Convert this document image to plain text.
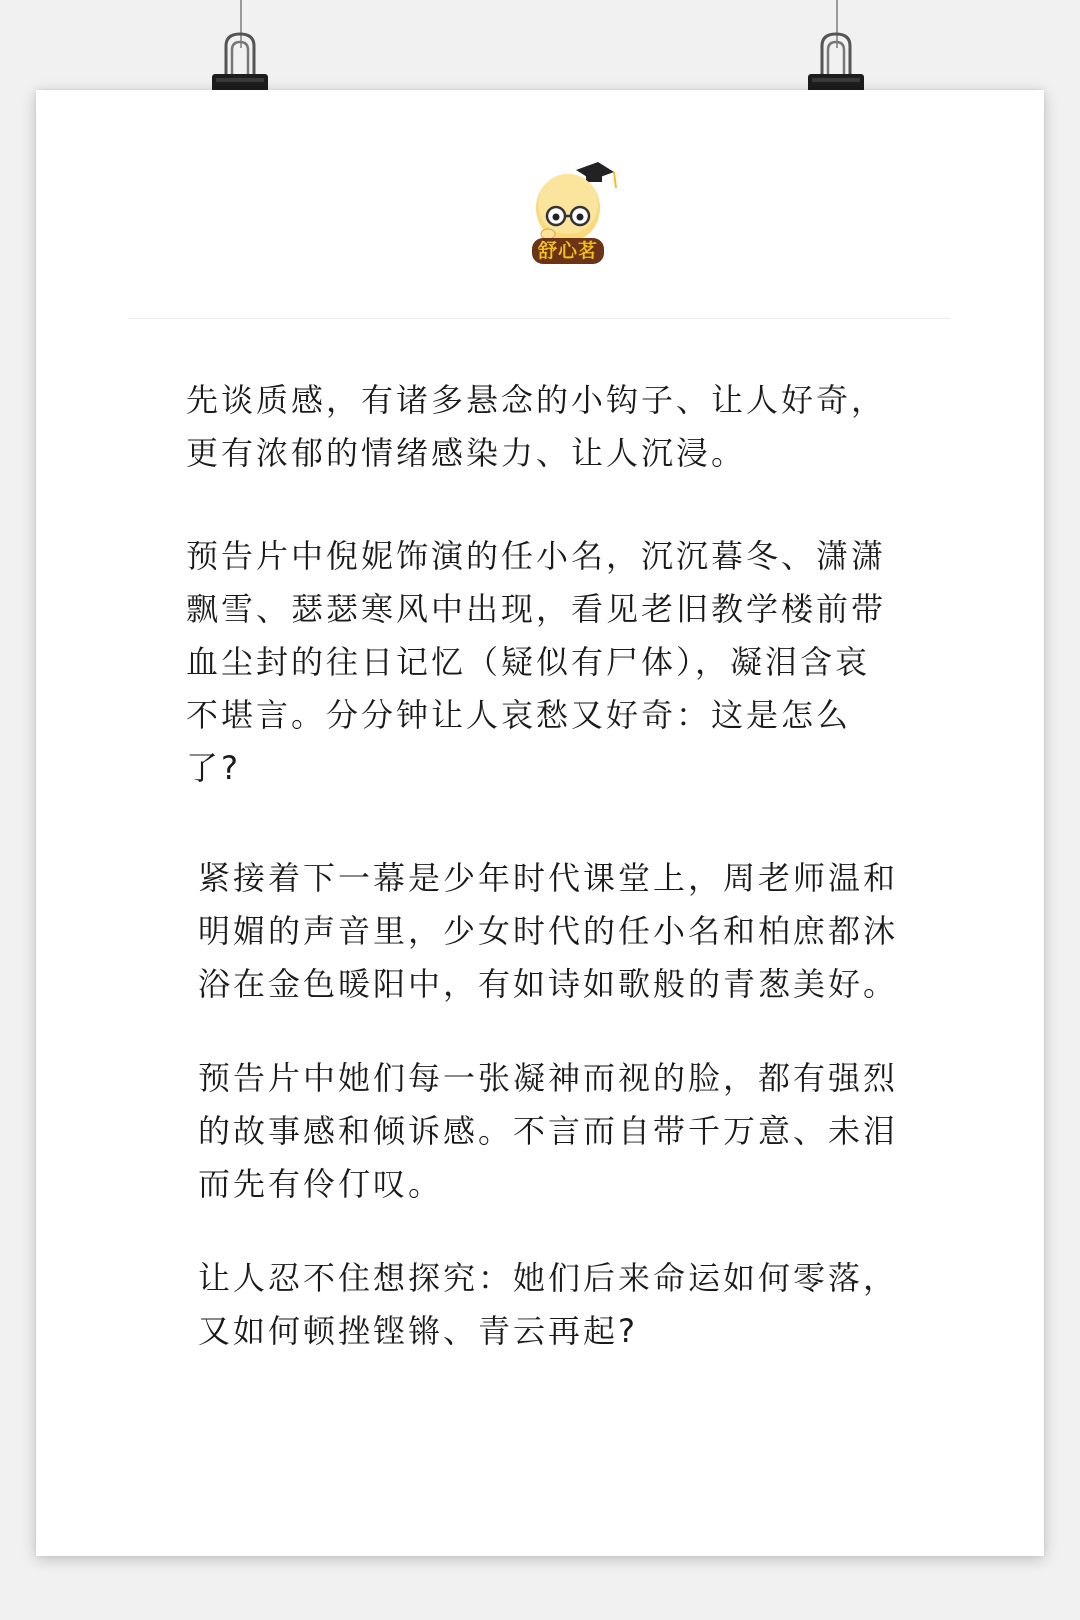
舒心茗

先谈质感，有诸多悬念的小钩子、让人好奇，
更有浓郁的情绪感染力、让人沉浸。

预告片中倪妮饰演的任小名，沉沉暮冬、潇潇
飘雪、瑟瑟寒风中出现，看见老旧教学楼前带
血尘封的往日记忆（疑似有尸体），凝泪含哀
不堪言。分分钟让人哀愁又好奇：这是怎么
了?

紧接着下一幕是少年时代课堂上，周老师温和
明媚的声音里，少女时代的任小名和柏庶都沐
浴在金色暖阳中，有如诗如歌般的青葱美好。

预告片中她们每一张凝神而视的脸，都有强烈
的故事感和倾诉感。不言而自带千万意、未泪
而先有伶仃叹。

让人忍不住想探究：她们后来命运如何零落，
又如何顿挫铿锵、青云再起?
